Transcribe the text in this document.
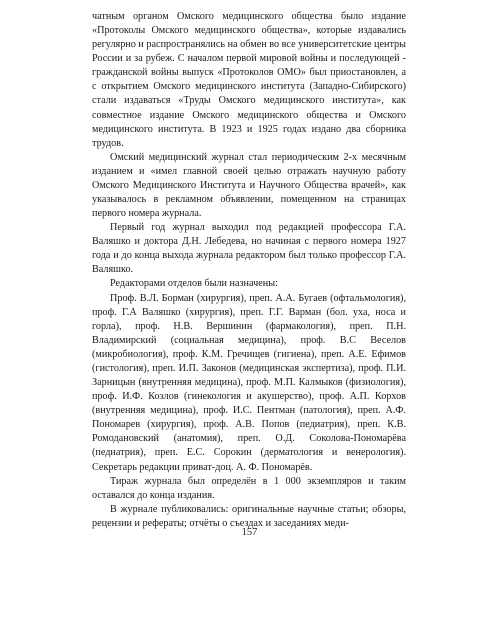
чатным органом Омского медицинского общества было издание «Протоколы Омского медицинского общества», которые издавались регулярно и распространялись на обмен во все университетские центры России и за рубеж. С началом первой мировой войны и последующей - гражданской войны выпуск «Протоколов ОМО» был приостановлен, а с открытием Омского медицинского института (Западно-Сибирского) стали издаваться «Труды Омского медицинского института», как совместное издание Омского медицинского общества и Омского медицинского института. В 1923 и 1925 годах издано два сборника трудов.

Омский медицинский журнал стал периодическим 2-х месячным изданием и «имел главной своей целью отражать научную работу Омского Медицинского Института и Научного Общества врачей», как указывалось в рекламном объявлении, помещенном на страницах первого номера журнала.

Первый год журнал выходил под редакцией профессора Г.А. Валяшко и доктора Д.Н. Лебедева, но начиная с первого номера 1927 года и до конца выхода журнала редактором был только профессор Г.А. Валяшко.

Редакторами отделов были назначены:

Проф. В.Л. Борман (хирургия), преп. А.А. Бугаев (офтальмология), проф. Г.А Валяшко (хирургия), преп. Г.Г. Варман (бол. уха, носа и горла), проф. Н.В. Вершинин (фармакология), преп. П.Н. Владимирский (социальная медицина), проф. В.С Веселов (микробиология), проф. К.М. Гречищев (гигиена), преп. А.Е. Ефимов (гистология), преп. И.П. Законов (медицинская экспертиза), проф. П.И. Зарницын (внутренняя медицина), проф. М.П. Калмыков (физиология), проф. И.Ф. Козлов (гинекология и акушерство), проф. А.П. Корхов (внутренняя медицина), проф. И.С. Пентман (патология), преп. А.Ф. Пономарев (хирургия), проф. А.В. Попов (педиатрия), преп. К.В. Ромодановский (анатомия), преп. О.Д. Соколова-Пономарёва (педиатрия), преп. Е.С. Сорокин (дерматология и венерология). Секретарь редакции приват-доц. А. Ф. Пономарёв.

Тираж журнала был определён в 1 000 экземпляров и таким оставался до конца издания.

В журнале публиковались: оригинальные научные статьи; обзоры, рецензии и рефераты; отчёты о съездах и заседаниях меди-

157
